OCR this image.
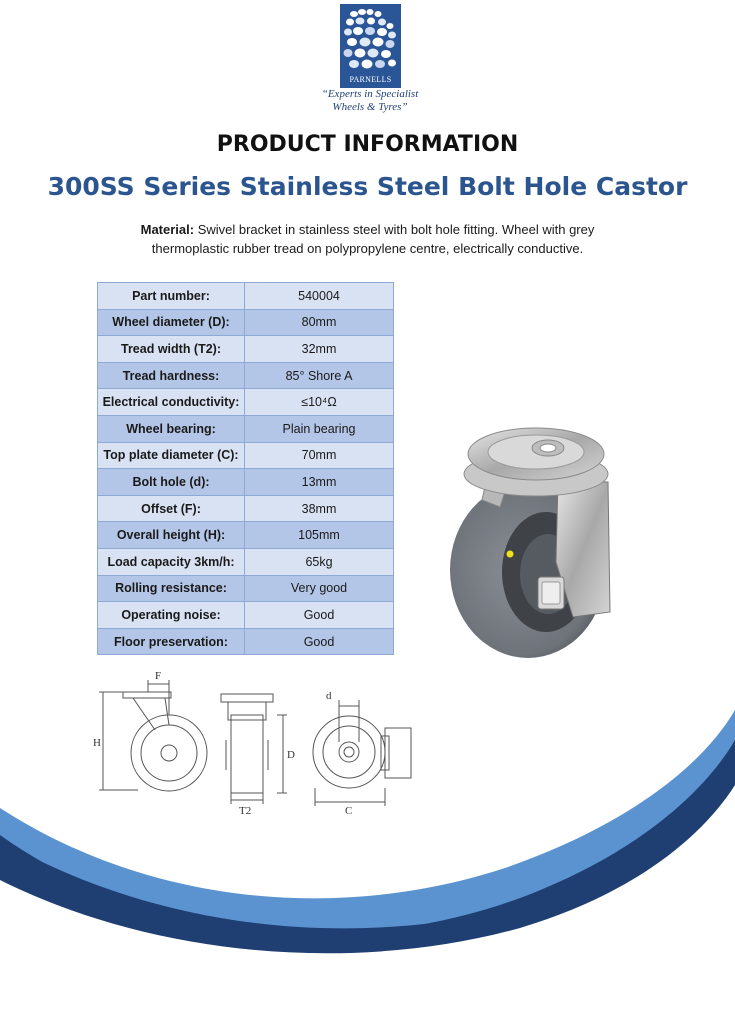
PARNELLS
“Experts in Specialist
Wheels & Tyres”
PRODUCT INFORMATION
300SS Series Stainless Steel Bolt Hole Castor
Material: Swivel bracket in stainless steel with bolt hole fitting. Wheel with grey thermoplastic rubber tread on polypropylene centre, electrically conductive.
Part number:	540004
Wheel diameter (D):	80mm
Tread width (T2):	32mm
Tread hardness:	85° Shore A
Electrical conductivity:	≤10⁴Ω
Wheel bearing:	Plain bearing
Top plate diameter (C):	70mm
Bolt hole (d):	13mm
Offset (F):	38mm
Overall height (H):	105mm
Load capacity 3km/h:	65kg
Rolling resistance:	Very good
Operating noise:	Good
Floor preservation:	Good
F
H
D
T2
d
C
